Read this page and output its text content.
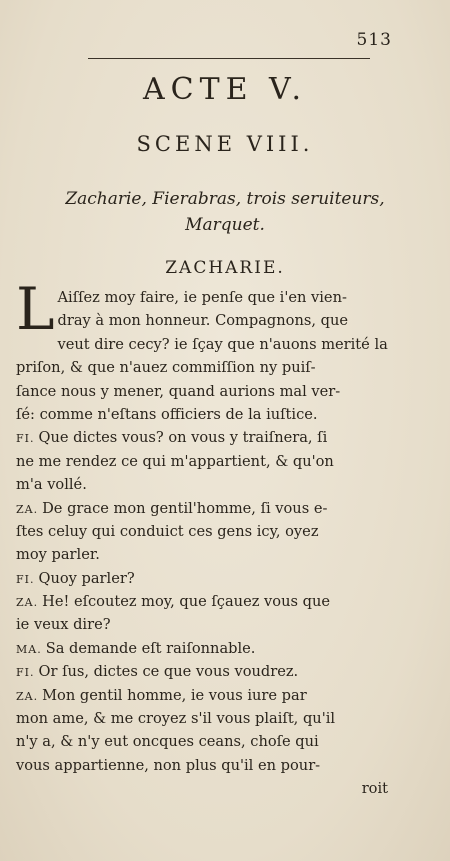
513
ACTE V.
SCENE VIII.
Zacharie, Fierabras, trois seruiteurs,
Marquet.
ZACHARIE.
L Aiſſez moy faire, ie penſe que i'en vien-
dray à mon honneur. Compagnons, que
veut dire cecy? ie ſçay que n'auons merité la
priſon, & que n'auez commiſſion ny puiſ-
ſance nous y mener, quand aurions mal ver-
ſé: comme n'eſtans officiers de la iuſtice.
FI. Que dictes vous? on vous y traiſnera, ſi
ne me rendez ce qui m'appartient, & qu'on
m'a vollé.
ZA. De grace mon gentil'homme, ſi vous e-
ſtes celuy qui conduict ces gens icy, oyez
moy parler.
FI. Quoy parler?
ZA. He! eſcoutez moy, que ſçauez vous que
ie veux dire?
MA. Sa demande eſt raiſonnable.
FI. Or ſus, dictes ce que vous voudrez.
ZA. Mon gentil homme, ie vous iure par
mon ame, & me croyez s'il vous plaiſt, qu'il
n'y a, & n'y eut oncques ceans, choſe qui
vous appartienne, non plus qu'il en pour-
roit
